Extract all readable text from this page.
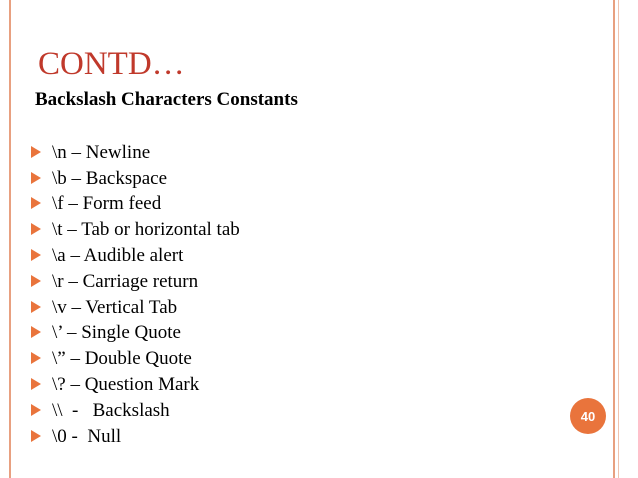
CONTD…
Backslash Characters Constants
\n – Newline
\b – Backspace
\f – Form feed
\t – Tab or horizontal tab
\a – Audible alert
\r – Carriage return
\v – Vertical Tab
\’ – Single Quote
\” – Double Quote
\? – Question Mark
\\  -   Backslash
\0 -  Null
40
